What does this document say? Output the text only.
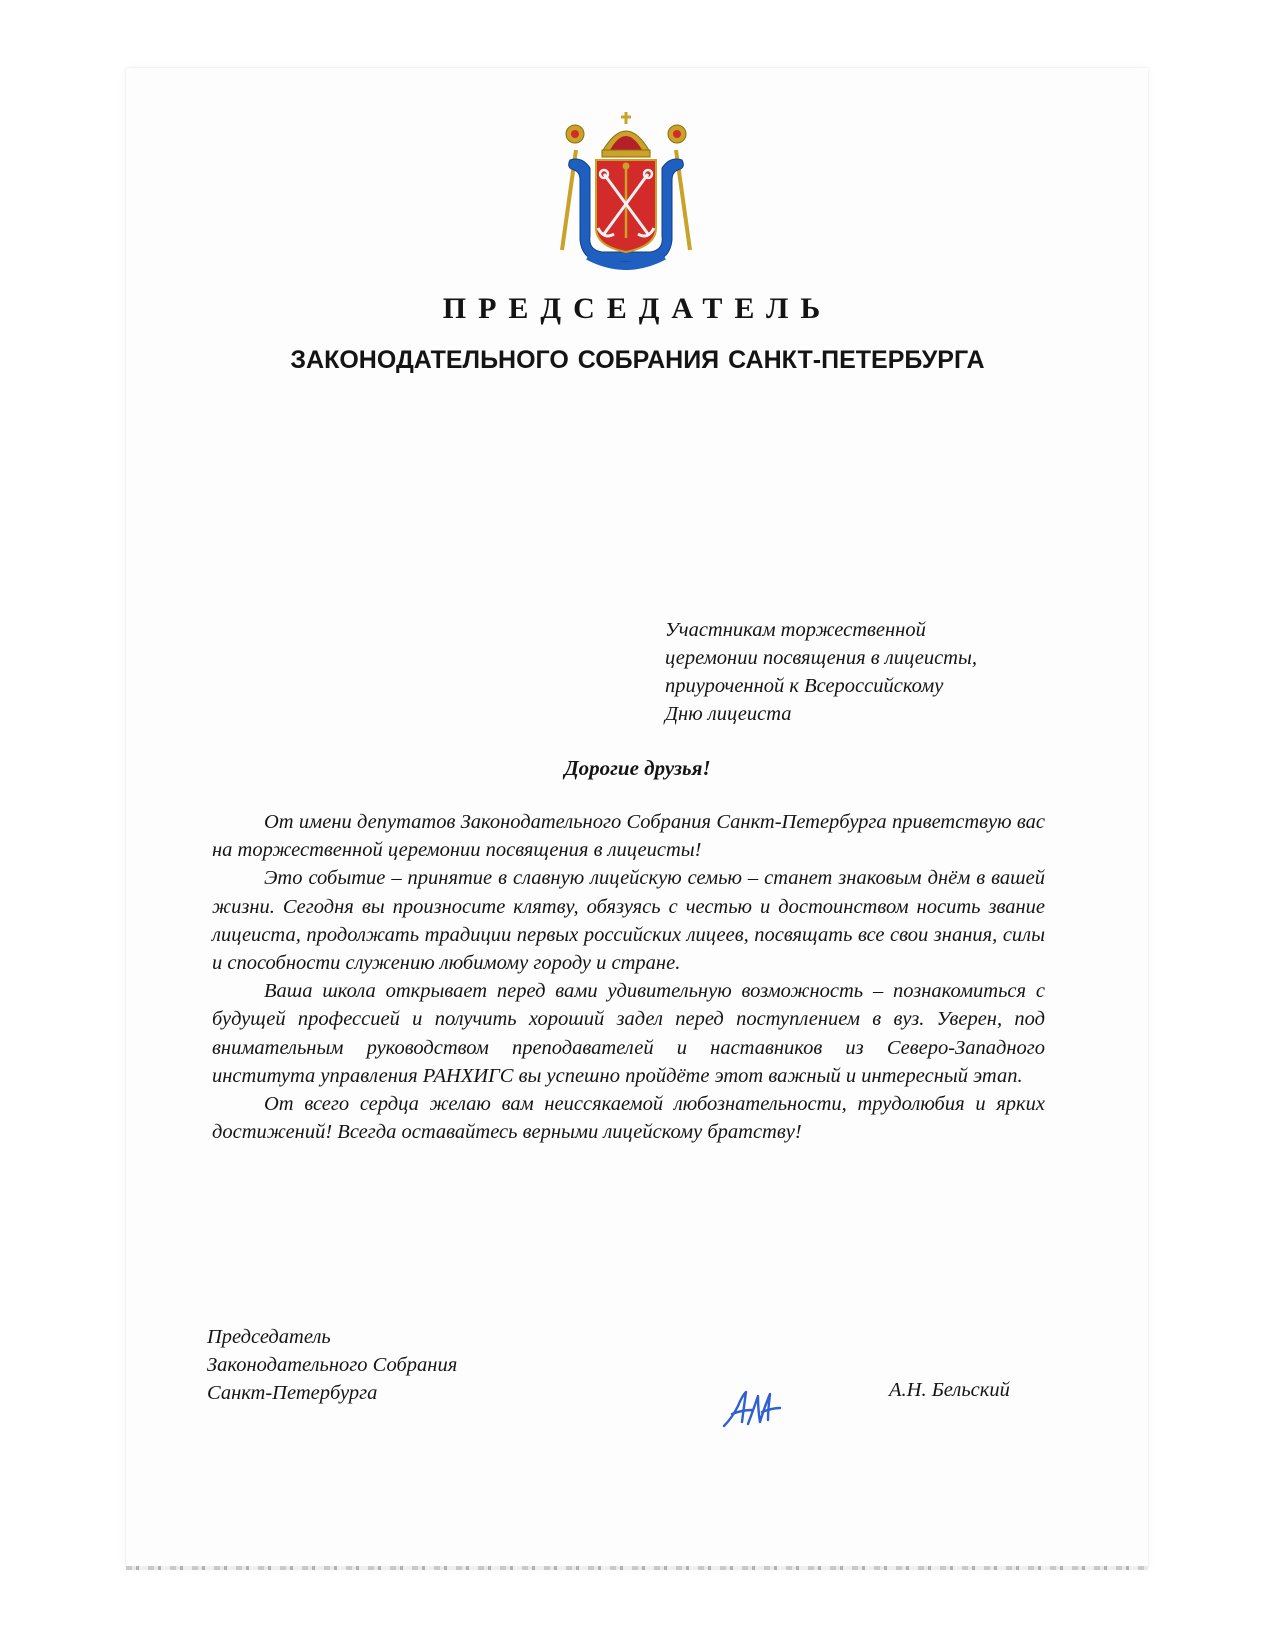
ПРЕДСЕДАТЕЛЬ
ЗАКОНОДАТЕЛЬНОГО СОБРАНИЯ САНКТ-ПЕТЕРБУРГА
Участникам торжественной
церемонии посвящения в лицеисты,
приуроченной к Всероссийскому
Дню лицеиста

Дорогие друзья!

От имени депутатов Законодательного Собрания Санкт-Петербурга приветствую вас на торжественной церемонии посвящения в лицеисты!

Это событие – принятие в славную лицейскую семью – станет знаковым днём в вашей жизни. Сегодня вы произносите клятву, обязуясь с честью и достоинством носить звание лицеиста, продолжать традиции первых российских лицеев, посвящать все свои знания, силы и способности служению любимому городу и стране.

Ваша школа открывает перед вами удивительную возможность – познакомиться с будущей профессией и получить хороший задел перед поступлением в вуз. Уверен, под внимательным руководством преподавателей и наставников из Северо-Западного института управления РАНХИГС вы успешно пройдёте этот важный и интересный этап.

От всего сердца желаю вам неиссякаемой любознательности, трудолюбия и ярких достижений! Всегда оставайтесь верными лицейскому братству!

Председатель
Законодательного Собрания
Санкт-Петербурга	А.Н. Бельский
